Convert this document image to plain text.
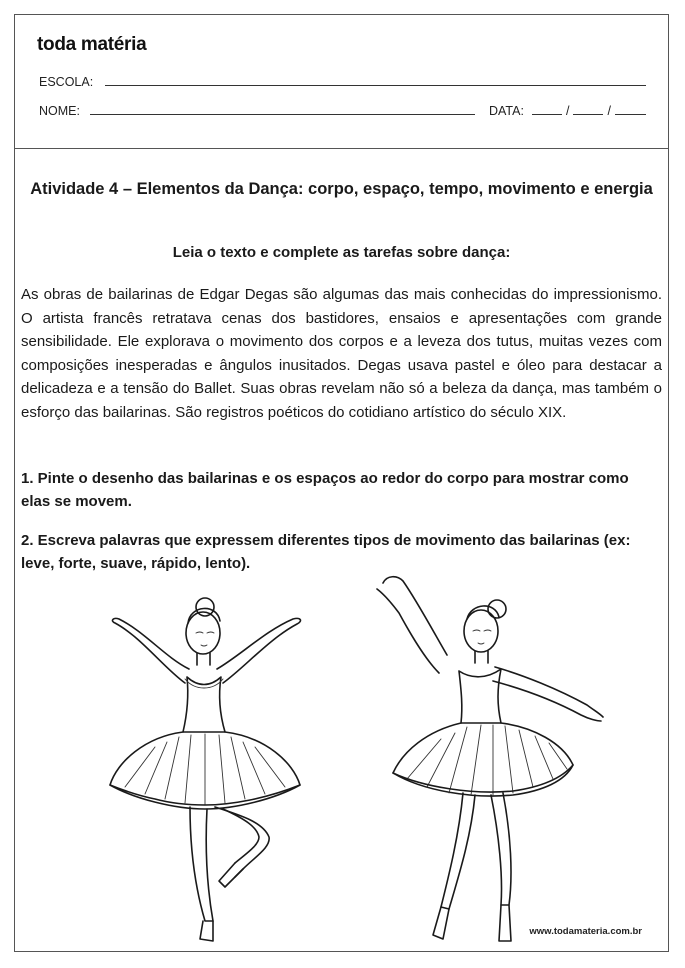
toda matéria
ESCOLA:
NOME:	DATA:	/	/
Atividade 4 – Elementos da Dança: corpo, espaço, tempo, movimento e energia
Leia o texto e complete as tarefas sobre dança:
As obras de bailarinas de Edgar Degas são algumas das mais conhecidas do impressionismo. O artista francês retratava cenas dos bastidores, ensaios e apresentações com grande sensibilidade. Ele explorava o movimento dos corpos e a leveza dos tutus, muitas vezes com composições inesperadas e ângulos inusitados. Degas usava pastel e óleo para destacar a delicadeza e a tensão do Ballet. Suas obras revelam não só a beleza da dança, mas também o esforço das bailarinas. São registros poéticos do cotidiano artístico do século XIX.
1. Pinte o desenho das bailarinas e os espaços ao redor do corpo para mostrar como elas se movem.
2. Escreva palavras que expressem diferentes tipos de movimento das bailarinas (ex: leve, forte, suave, rápido, lento).
www.todamateria.com.br
